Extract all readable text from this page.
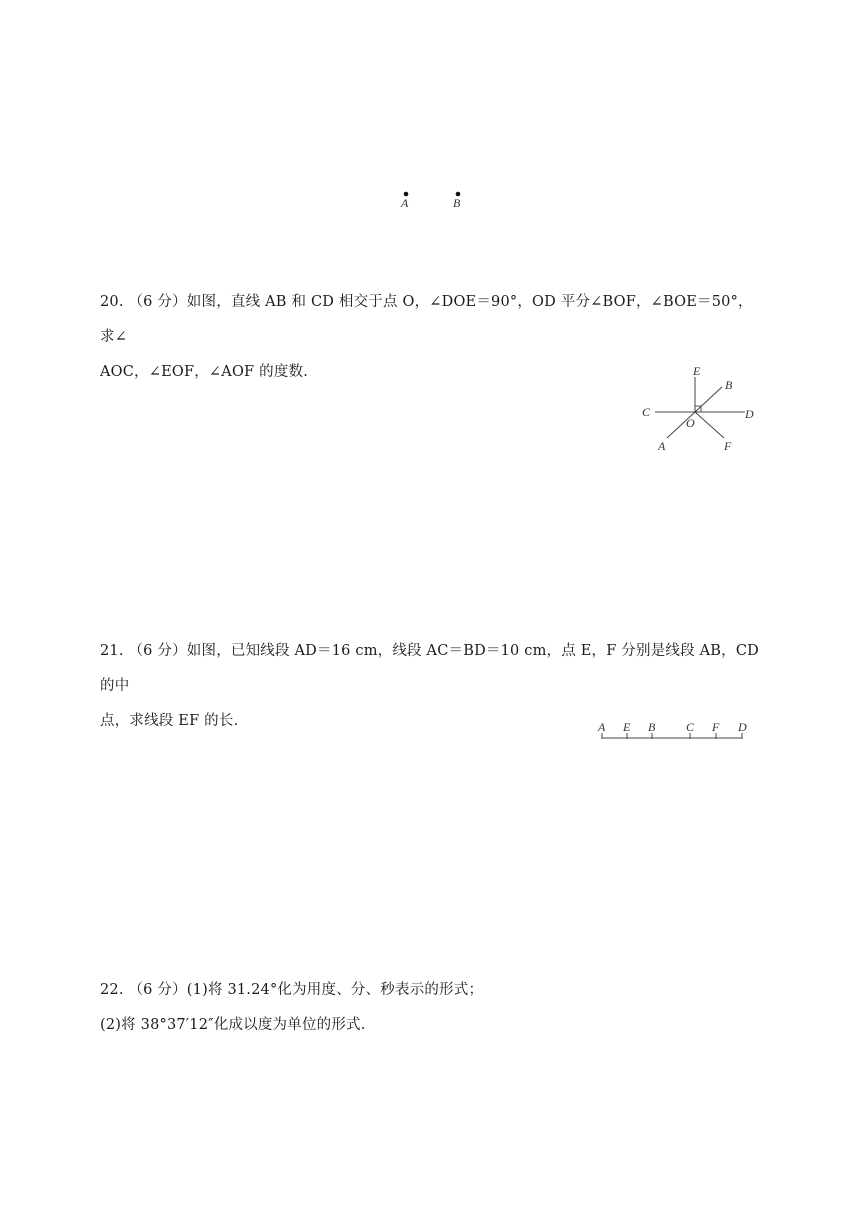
A	B
20. （6 分）如图，直线 AB 和 CD 相交于点 O，∠DOE＝90°，OD 平分∠BOF，∠BOE＝50°，求∠
AOC，∠EOF，∠AOF 的度数.	E
B
C	D
O
A	F
21. （6 分）如图，已知线段 AD＝16 cm，线段 AC＝BD＝10 cm，点 E，F 分别是线段 AB，CD 的中
点，求线段 EF 的长.	A E B	C F D
22. （6 分）(1)将 31.24°化为用度、分、秒表示的形式；
(2)将 38°37′12″化成以度为单位的形式.
